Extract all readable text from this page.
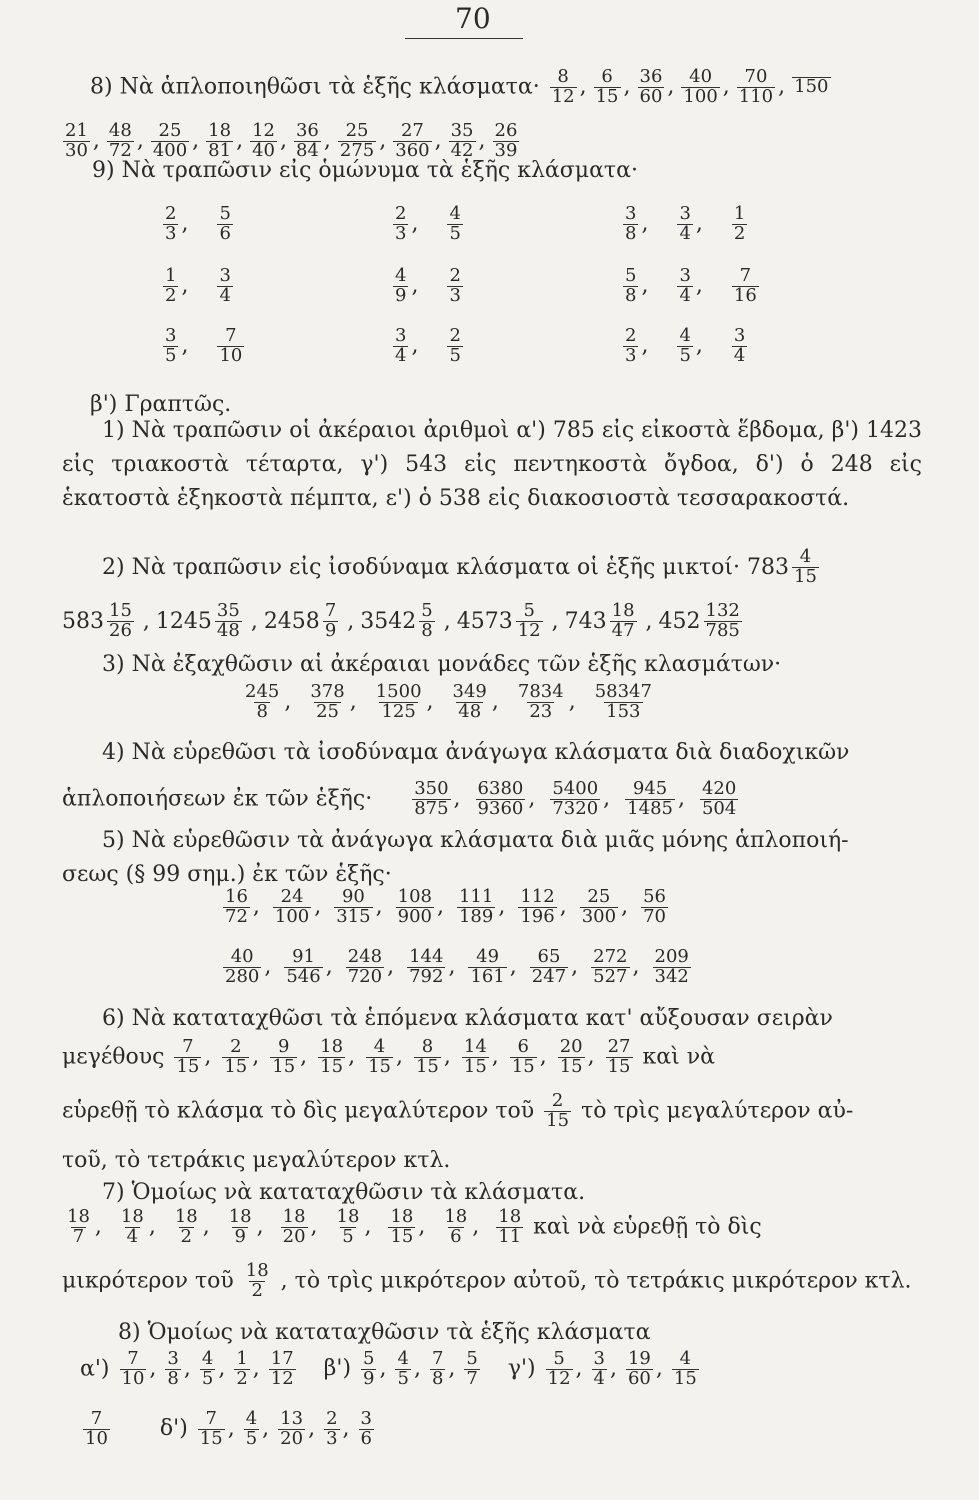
70
8) Νὰ ἁπλοποιηθῶσι τὰ ἑξῆς $\kappa\lambda ά\sigma\mu\alpha\tau\alpha\cdot \frac{8}{12}$ , $\frac{6}{15}$ , $\frac{36}{60}$ , $\frac{40}{100}$ , $\frac{70}{110}$ , 150
$\frac{21}{30}$ , $\frac{48}{72}$ , $\frac{25}{400}$ , $\frac{18}{81}$ , $\frac{12}{40}$ , $\frac{36}{84}$ , $\frac{25}{275}$ , $\frac{27}{360}$ , $\frac{35}{42}$ , $\frac{26}{39}$
9) Νὰ τραπῶσιν εἰς ὁμώνυμα τὰ ἑξῆς κλάσματα·
$\frac{2}{3}$ , $\frac{5}{6}$	$\frac{2}{3}$ , $\frac{4}{5}$	$\frac{3}{8}$ , $\frac{3}{4}$ , $\frac{1}{2}$
$\frac{1}{2}$ , $\frac{3}{4}$	$\frac{4}{9}$ , $\frac{2}{3}$	$\frac{5}{8}$ , $\frac{3}{4}$ , $\frac{7}{16}$
$\frac{3}{5}$ , $\frac{7}{10}$	$\frac{3}{4}$ , $\frac{2}{5}$	$\frac{2}{3}$ , $\frac{4}{5}$ , $\frac{3}{4}$
β') Γραπτῶς.
1) Νὰ τραπῶσιν οἱ ἀκέραιοι ἀριθμοὶ α') 785 εἰς εἰκοστὰ ἕβδομα, β') 1423 εἰς τριακοστὰ τέταρτα, γ') 543 εἰς πεντηκοστὰ ὄγδοα, δ') ὁ 248 εἰς ἑκατοστὰ ἑξηκοστὰ πέμπτα, ε') ὁ 538 εἰς διακοσιοστὰ τεσσαρακοστά.
2) Νὰ τραπῶσιν εἰς ἰσοδύναμα κλάσματα οἱ ἑξῆς $\mu\iota\kappa\tau oί\cdot 783 \frac{4}{15}$
$583 \frac{15}{26}$ , $1245 \frac{35}{48}$ , $2458 \frac{7}{9}$ , $3542 \frac{5}{8}$ , $4573 \frac{5}{12}$ , $743 \frac{18}{47}$ , $452 \frac{132}{785}$
3) Νὰ ἐξαχθῶσιν αἱ ἀκέραιαι μονάδες τῶν ἑξῆς κλασμάτων·
$\frac{245}{8}$ , $\frac{378}{25}$ , $\frac{1500}{125}$ , $\frac{349}{48}$ , $\frac{7834}{23}$ , $\frac{58347}{153}$
4) Νὰ εὑρεθῶσι τὰ ἰσοδύναμα ἀνάγωγα κλάσματα διὰ διαδοχικῶν
ἁπλοποιήσεων ἐκ τῶν ἑξῆς· $\frac{350}{875}$ , $\frac{6380}{9360}$ , $\frac{5400}{7320}$ , $\frac{945}{1485}$ , $\frac{420}{504}$
5) Νὰ εὑρεθῶσιν τὰ ἀνάγωγα κλάσματα διὰ μιᾶς μόνης ἁπλοποιή-
σεως (§ 99 σημ.) ἐκ τῶν ἑξῆς·
$\frac{16}{72}$ , $\frac{24}{100}$ , $\frac{90}{315}$ , $\frac{108}{900}$ , $\frac{111}{189}$ , $\frac{112}{196}$ , $\frac{25}{300}$ , $\frac{56}{70}$
$\frac{40}{280}$ , $\frac{91}{546}$ , $\frac{248}{720}$ , $\frac{144}{792}$ , $\frac{49}{161}$ , $\frac{65}{247}$ , $\frac{272}{527}$ , $\frac{209}{342}$
6) Νὰ καταταχθῶσι τὰ ἑπόμενα κλάσματα κατ' αὔξουσαν σειρὰν
μεγέθους $\frac{7}{15}$ , $\frac{2}{15}$ , $\frac{9}{15}$ , $\frac{18}{15}$ , $\frac{4}{15}$ , $\frac{8}{15}$ , $\frac{14}{15}$ , $\frac{6}{15}$ , $\frac{20}{15}$ , $\frac{27}{15}$ καὶ νὰ
εὑρεθῇ τὸ κλάσμα τὸ δὶς μεγαλύτερον τοῦ $\frac{2}{15}$ τὸ τρὶς μεγαλύτερον αὐ-
τοῦ, τὸ τετράκις μεγαλύτερον κτλ.
7) Ὁμοίως νὰ καταταχθῶσιν τὰ κλάσματα.
$\frac{18}{7}$ , $\frac{18}{4}$ , $\frac{18}{2}$ , $\frac{18}{9}$ , $\frac{18}{20}$ , $\frac{18}{5}$ , $\frac{18}{15}$ , $\frac{18}{6}$ , $\frac{18}{11}$ καὶ νὰ εὑρεθῇ τὸ δὶς
μικρότερον τοῦ $\frac{18}{2}$ , τὸ τρὶς μικρότερον αὐτοῦ, τὸ τετράκις μικρότερον κτλ.
8) Ὁμοίως νὰ καταταχθῶσιν τὰ ἑξῆς κλάσματα
$\alpha') \frac{7}{10}$ , $\frac{3}{8}$ , $\frac{4}{5}$ , $\frac{1}{2}$ , $\frac{17}{12} \beta') \frac{5}{9}$ , $\frac{4}{5}$ , $\frac{7}{8}$ , $\frac{5}{7} \gamma') \frac{5}{12}$ , $\frac{3}{4}$ , $\frac{19}{60}$ , $\frac{4}{15}$
$\frac{7}{10} \delta') \frac{7}{15}$ , $\frac{4}{5}$ , $\frac{13}{20}$ , $\frac{2}{3}$ , $\frac{3}{6}$
